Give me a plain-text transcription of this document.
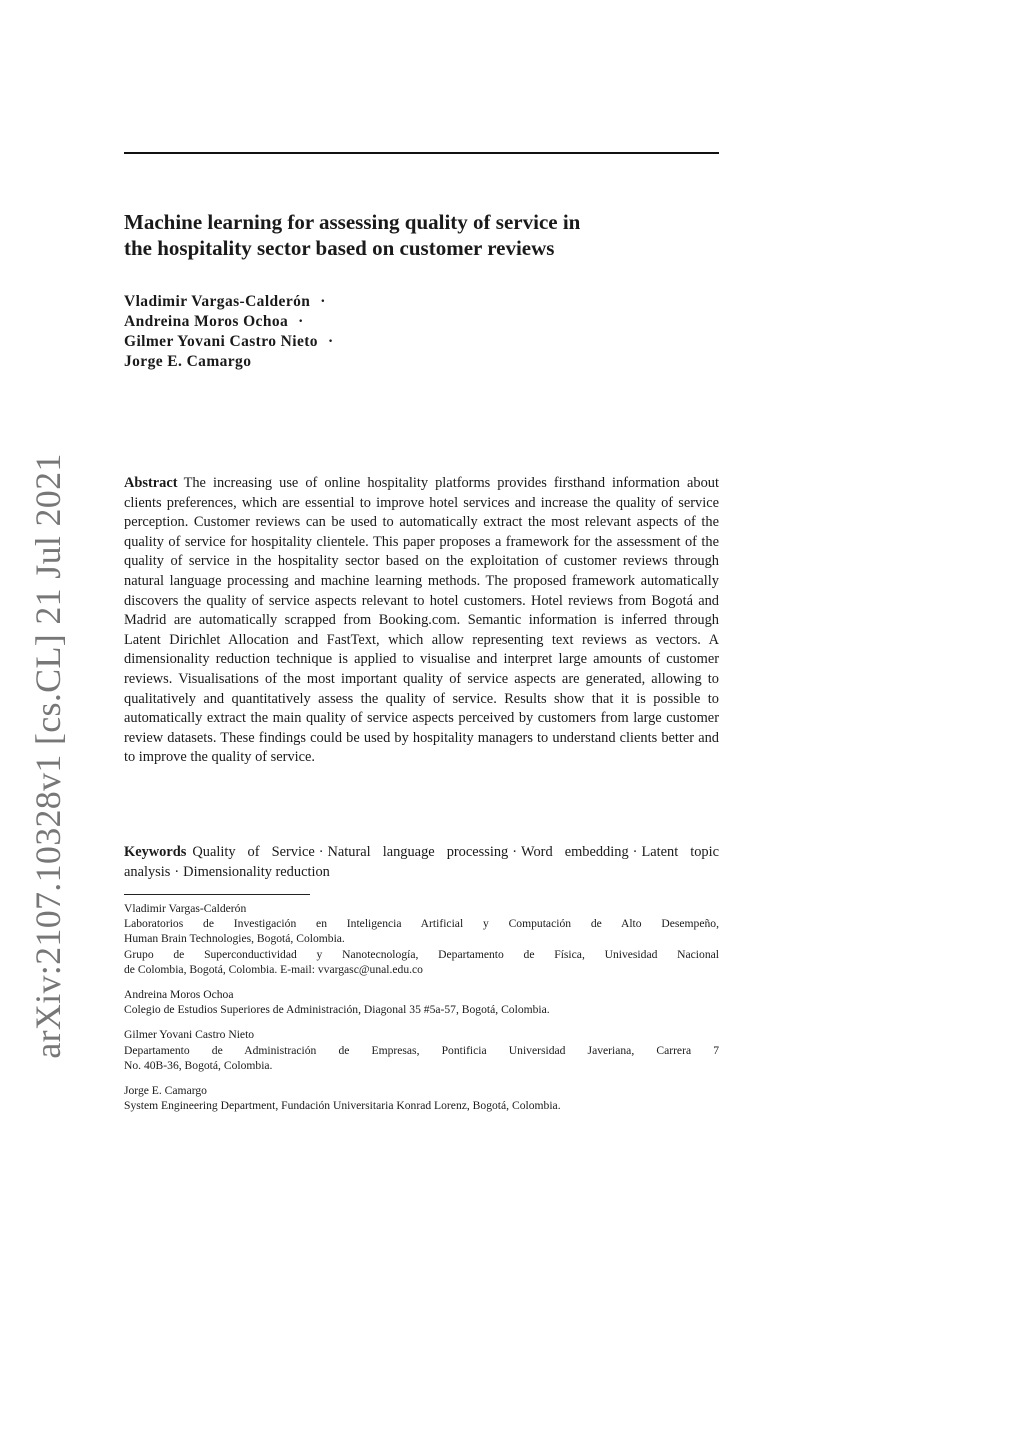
arXiv:2107.10328v1 [cs.CL] 21 Jul 2021
Machine learning for assessing quality of service in
the hospitality sector based on customer reviews
Vladimir Vargas-Calderón ·
Andreina Moros Ochoa ·
Gilmer Yovani Castro Nieto ·
Jorge E. Camargo

Abstract The increasing use of online hospitality platforms provides firsthand information about clients preferences, which are essential to improve hotel services and increase the quality of service perception. Customer reviews can be used to automatically extract the most relevant aspects of the quality of service for hospitality clientele. This paper proposes a framework for the assessment of the quality of service in the hospitality sector based on the exploitation of customer reviews through natural language processing and machine learning methods. The proposed framework automatically discovers the quality of service aspects relevant to hotel customers. Hotel reviews from Bogotá and Madrid are automatically scrapped from Booking.com. Semantic information is inferred through Latent Dirichlet Allocation and FastText, which allow representing text reviews as vectors. A dimensionality reduction technique is applied to visualise and interpret large amounts of customer reviews. Visualisations of the most important quality of service aspects are generated, allowing to qualitatively and quantitatively assess the quality of service. Results show that it is possible to automatically extract the main quality of service aspects perceived by customers from large customer review datasets. These findings could be used by hospitality managers to understand clients better and to improve the quality of service.

Keywords Quality of Service · Natural language processing · Word embedding · Latent topic analysis · Dimensionality reduction

Vladimir Vargas-Calderón
Laboratorios de Investigación en Inteligencia Artificial y Computación de Alto Desempeño,
Human Brain Technologies, Bogotá, Colombia.
Grupo de Superconductividad y Nanotecnología, Departamento de Física, Univesidad Nacional
de Colombia, Bogotá, Colombia. E-mail: vvargasc@unal.edu.co
Andreina Moros Ochoa
Colegio de Estudios Superiores de Administración, Diagonal 35 #5a-57, Bogotá, Colombia.
Gilmer Yovani Castro Nieto
Departamento de Administración de Empresas, Pontificia Universidad Javeriana, Carrera 7
No. 40B-36, Bogotá, Colombia.
Jorge E. Camargo
System Engineering Department, Fundación Universitaria Konrad Lorenz, Bogotá, Colombia.
